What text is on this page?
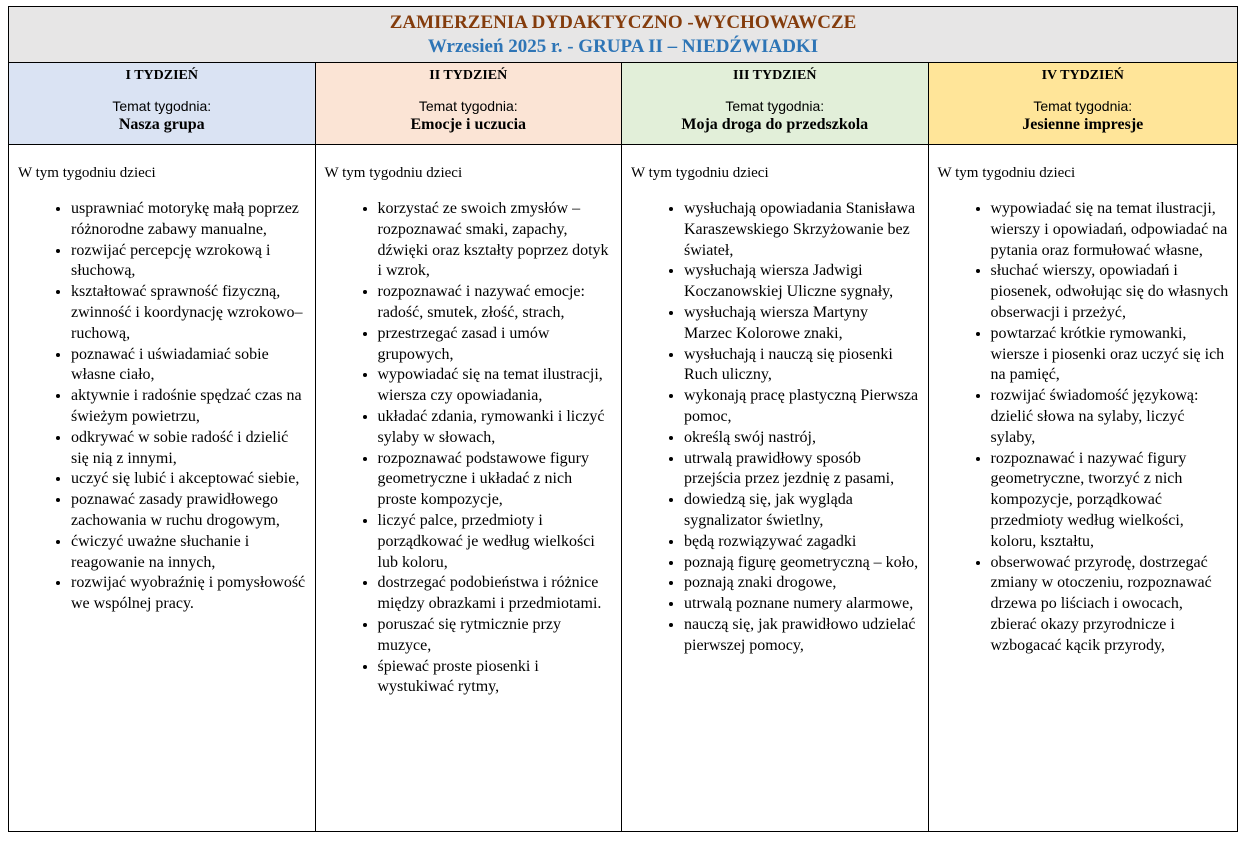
ZAMIERZENIA DYDAKTYCZNO -WYCHOWAWCZE
Wrzesień 2025 r. - GRUPA II – NIEDŹWIADKI
I TYDZIEŃ
Temat tygodnia:
Nasza grupa
W tym tygodniu dzieci
• usprawniać motorykę małą poprzez różnorodne zabawy manualne,
• rozwijać percepcję wzrokową i słuchową,
• kształtować sprawność fizyczną, zwinność i koordynację wzrokowo–ruchową,
• poznawać i uświadamiać sobie własne ciało,
• aktywnie i radośnie spędzać czas na świeżym powietrzu,
• odkrywać w sobie radość i dzielić się nią z innymi,
• uczyć się lubić i akceptować siebie,
• poznawać zasady prawidłowego zachowania w ruchu drogowym,
• ćwiczyć uważne słuchanie i reagowanie na innych,
• rozwijać wyobraźnię i pomysłowość we wspólnej pracy.
II TYDZIEŃ
Temat tygodnia:
Emocje i uczucia
W tym tygodniu dzieci
• korzystać ze swoich zmysłów – rozpoznawać smaki, zapachy, dźwięki oraz kształty poprzez dotyk i wzrok,
• rozpoznawać i nazywać emocje: radość, smutek, złość, strach,
• przestrzegać zasad i umów grupowych,
• wypowiadać się na temat ilustracji, wiersza czy opowiadania,
• układać zdania, rymowanki i liczyć sylaby w słowach,
• rozpoznawać podstawowe figury geometryczne i układać z nich proste kompozycje,
• liczyć palce, przedmioty i porządkować je według wielkości lub koloru,
• dostrzegać podobieństwa i różnice między obrazkami i przedmiotami.
• poruszać się rytmicznie przy muzyce,
• śpiewać proste piosenki i wystukiwać rytmy,
III TYDZIEŃ
Temat tygodnia:
Moja droga do przedszkola
W tym tygodniu dzieci
• wysłuchają opowiadania Stanisława Karaszewskiego Skrzyżowanie bez świateł,
• wysłuchają wiersza Jadwigi Koczanowskiej Uliczne sygnały,
• wysłuchają wiersza Martyny Marzec Kolorowe znaki,
• wysłuchają i nauczą się piosenki Ruch uliczny,
• wykonają pracę plastyczną Pierwsza pomoc,
• określą swój nastrój,
• utrwalą prawidłowy sposób przejścia przez jezdnię z pasami,
• dowiedzą się, jak wygląda sygnalizator świetlny,
• będą rozwiązywać zagadki
• poznają figurę geometryczną – koło,
• poznają znaki drogowe,
• utrwalą poznane numery alarmowe,
• nauczą się, jak prawidłowo udzielać pierwszej pomocy,
IV TYDZIEŃ
Temat tygodnia:
Jesienne impresje
W tym tygodniu dzieci
• wypowiadać się na temat ilustracji, wierszy i opowiadań, odpowiadać na pytania oraz formułować własne,
• słuchać wierszy, opowiadań i piosenek, odwołując się do własnych obserwacji i przeżyć,
• powtarzać krótkie rymowanki, wiersze i piosenki oraz uczyć się ich na pamięć,
• rozwijać świadomość językową: dzielić słowa na sylaby, liczyć sylaby,
• rozpoznawać i nazywać figury geometryczne, tworzyć z nich kompozycje, porządkować przedmioty według wielkości, koloru, kształtu,
• obserwować przyrodę, dostrzegać zmiany w otoczeniu, rozpoznawać drzewa po liściach i owocach, zbierać okazy przyrodnicze i wzbogacać kącik przyrody,
